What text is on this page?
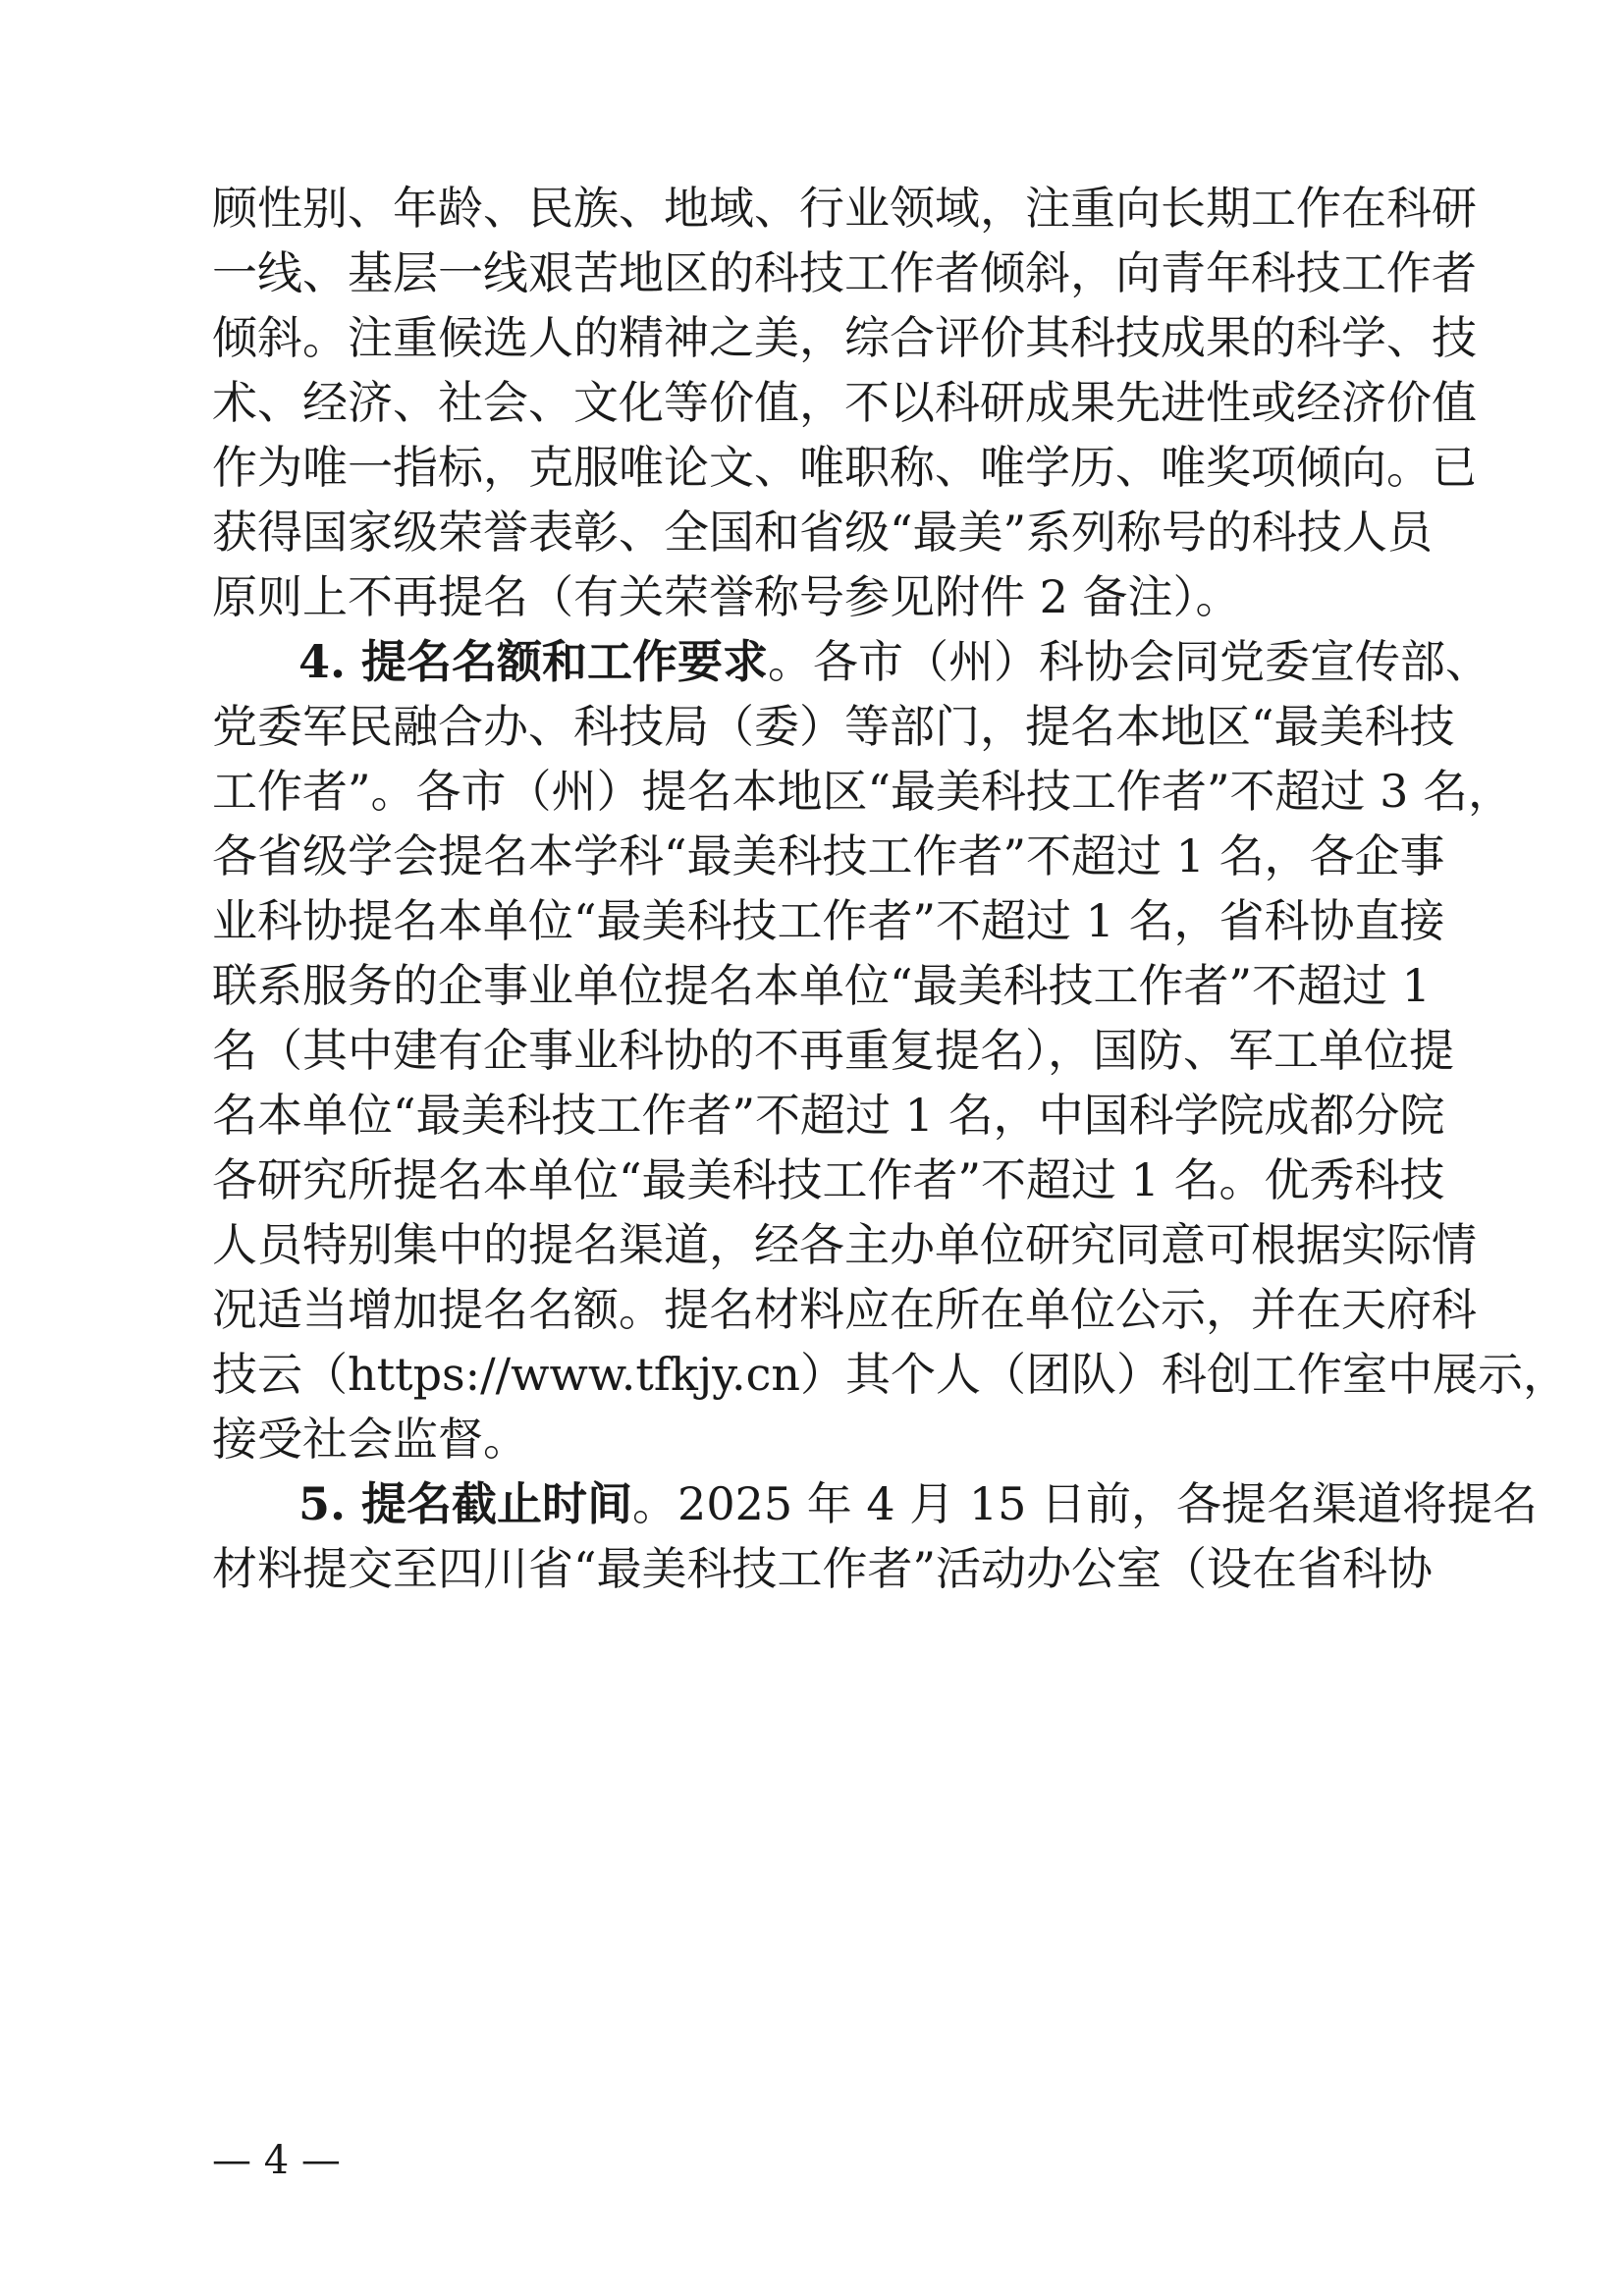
顾性别、年龄、民族、地域、行业领域，注重向长期工作在科研
一线、基层一线艰苦地区的科技工作者倾斜，向青年科技工作者
倾斜。注重候选人的精神之美，综合评价其科技成果的科学、技
术、经济、社会、文化等价值，不以科研成果先进性或经济价值
作为唯一指标，克服唯论文、唯职称、唯学历、唯奖项倾向。已
获得国家级荣誉表彰、全国和省级“最美”系列称号的科技人员
原则上不再提名（有关荣誉称号参见附件 2 备注）。
4. 提名名额和工作要求。各市（州）科协会同党委宣传部、
党委军民融合办、科技局（委）等部门，提名本地区“最美科技
工作者”。各市（州）提名本地区“最美科技工作者”不超过 3 名，
各省级学会提名本学科“最美科技工作者”不超过 1 名，各企事
业科协提名本单位“最美科技工作者”不超过 1 名，省科协直接
联系服务的企事业单位提名本单位“最美科技工作者”不超过 1
名（其中建有企事业科协的不再重复提名），国防、军工单位提
名本单位“最美科技工作者”不超过 1 名，中国科学院成都分院
各研究所提名本单位“最美科技工作者”不超过 1 名。优秀科技
人员特别集中的提名渠道，经各主办单位研究同意可根据实际情
况适当增加提名名额。提名材料应在所在单位公示，并在天府科
技云（https://www.tfkjy.cn）其个人（团队）科创工作室中展示，
接受社会监督。
5. 提名截止时间。2025 年 4 月 15 日前，各提名渠道将提名
材料提交至四川省“最美科技工作者”活动办公室（设在省科协
— 4 —
